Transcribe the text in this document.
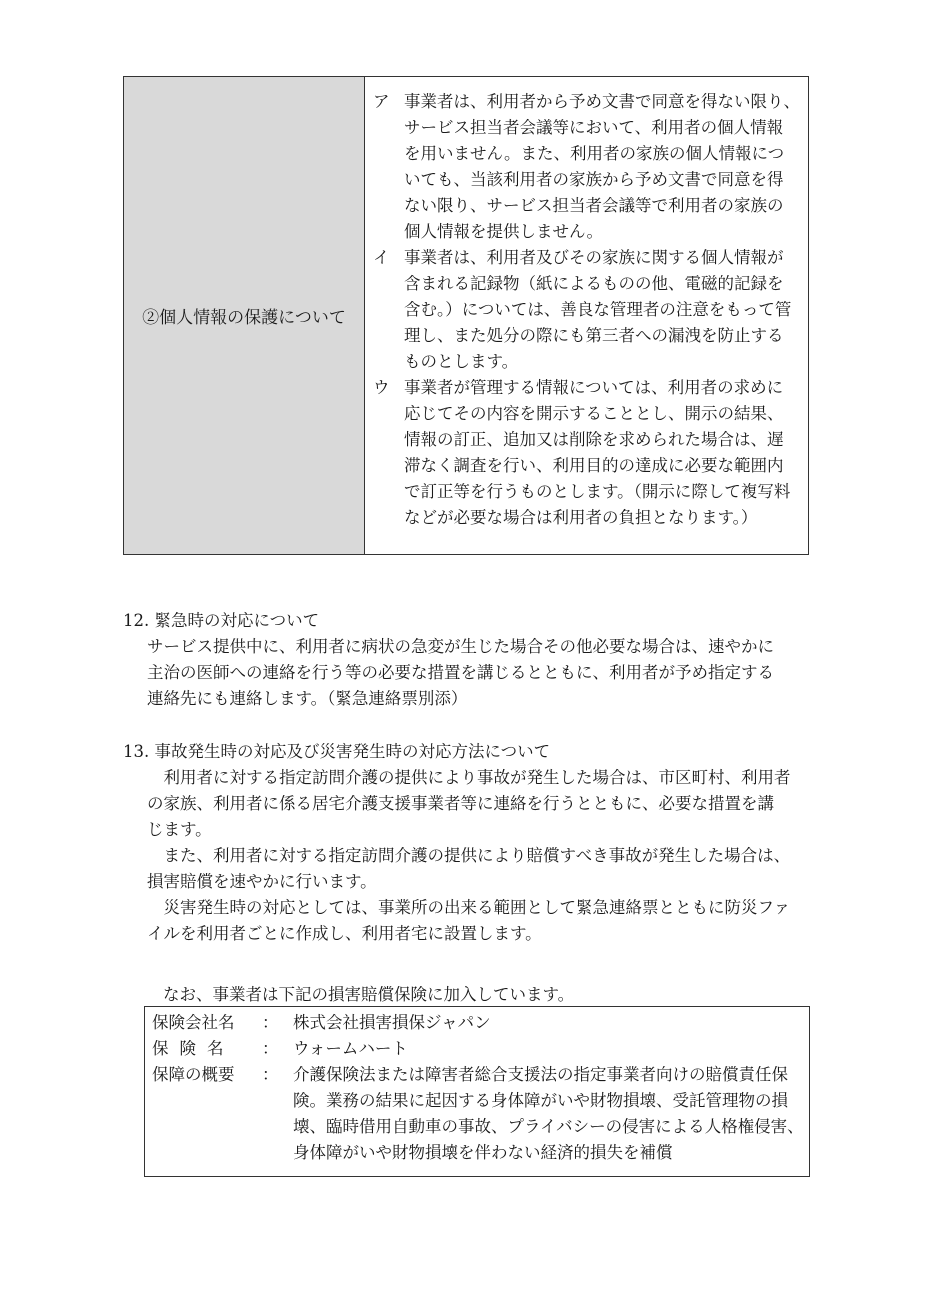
②個人情報の保護について
ア 事業者は、利用者から予め文書で同意を得ない限り、
サービス担当者会議等において、利用者の個人情報
を用いません。また、利用者の家族の個人情報につ
いても、当該利用者の家族から予め文書で同意を得
ない限り、サービス担当者会議等で利用者の家族の
個人情報を提供しません。
イ 事業者は、利用者及びその家族に関する個人情報が
含まれる記録物（紙によるものの他、電磁的記録を
含む。）については、善良な管理者の注意をもって管
理し、また処分の際にも第三者への漏洩を防止する
ものとします。
ウ 事業者が管理する情報については、利用者の求めに
応じてその内容を開示することとし、開示の結果、
情報の訂正、追加又は削除を求められた場合は、遅
滞なく調査を行い、利用目的の達成に必要な範囲内
で訂正等を行うものとします。（開示に際して複写料
などが必要な場合は利用者の負担となります。）
12. 緊急時の対応について
サービス提供中に、利用者に病状の急変が生じた場合その他必要な場合は、速やかに
主治の医師への連絡を行う等の必要な措置を講じるとともに、利用者が予め指定する
連絡先にも連絡します。（緊急連絡票別添）
13. 事故発生時の対応及び災害発生時の対応方法について
　利用者に対する指定訪問介護の提供により事故が発生した場合は、市区町村、利用者
の家族、利用者に係る居宅介護支援事業者等に連絡を行うとともに、必要な措置を講
じます。
　また、利用者に対する指定訪問介護の提供により賠償すべき事故が発生した場合は、
損害賠償を速やかに行います。
　災害発生時の対応としては、事業所の出来る範囲として緊急連絡票とともに防災ファ
イルを利用者ごとに作成し、利用者宅に設置します。
なお、事業者は下記の損害賠償保険に加入しています。
保険会社名	： 株式会社損害損保ジャパン
保険名	： ウォームハート
保障の概要	： 介護保険法または障害者総合支援法の指定事業者向けの賠償責任保
険。業務の結果に起因する身体障がいや財物損壊、受託管理物の損
壊、臨時借用自動車の事故、プライバシーの侵害による人格権侵害、
身体障がいや財物損壊を伴わない経済的損失を補償
